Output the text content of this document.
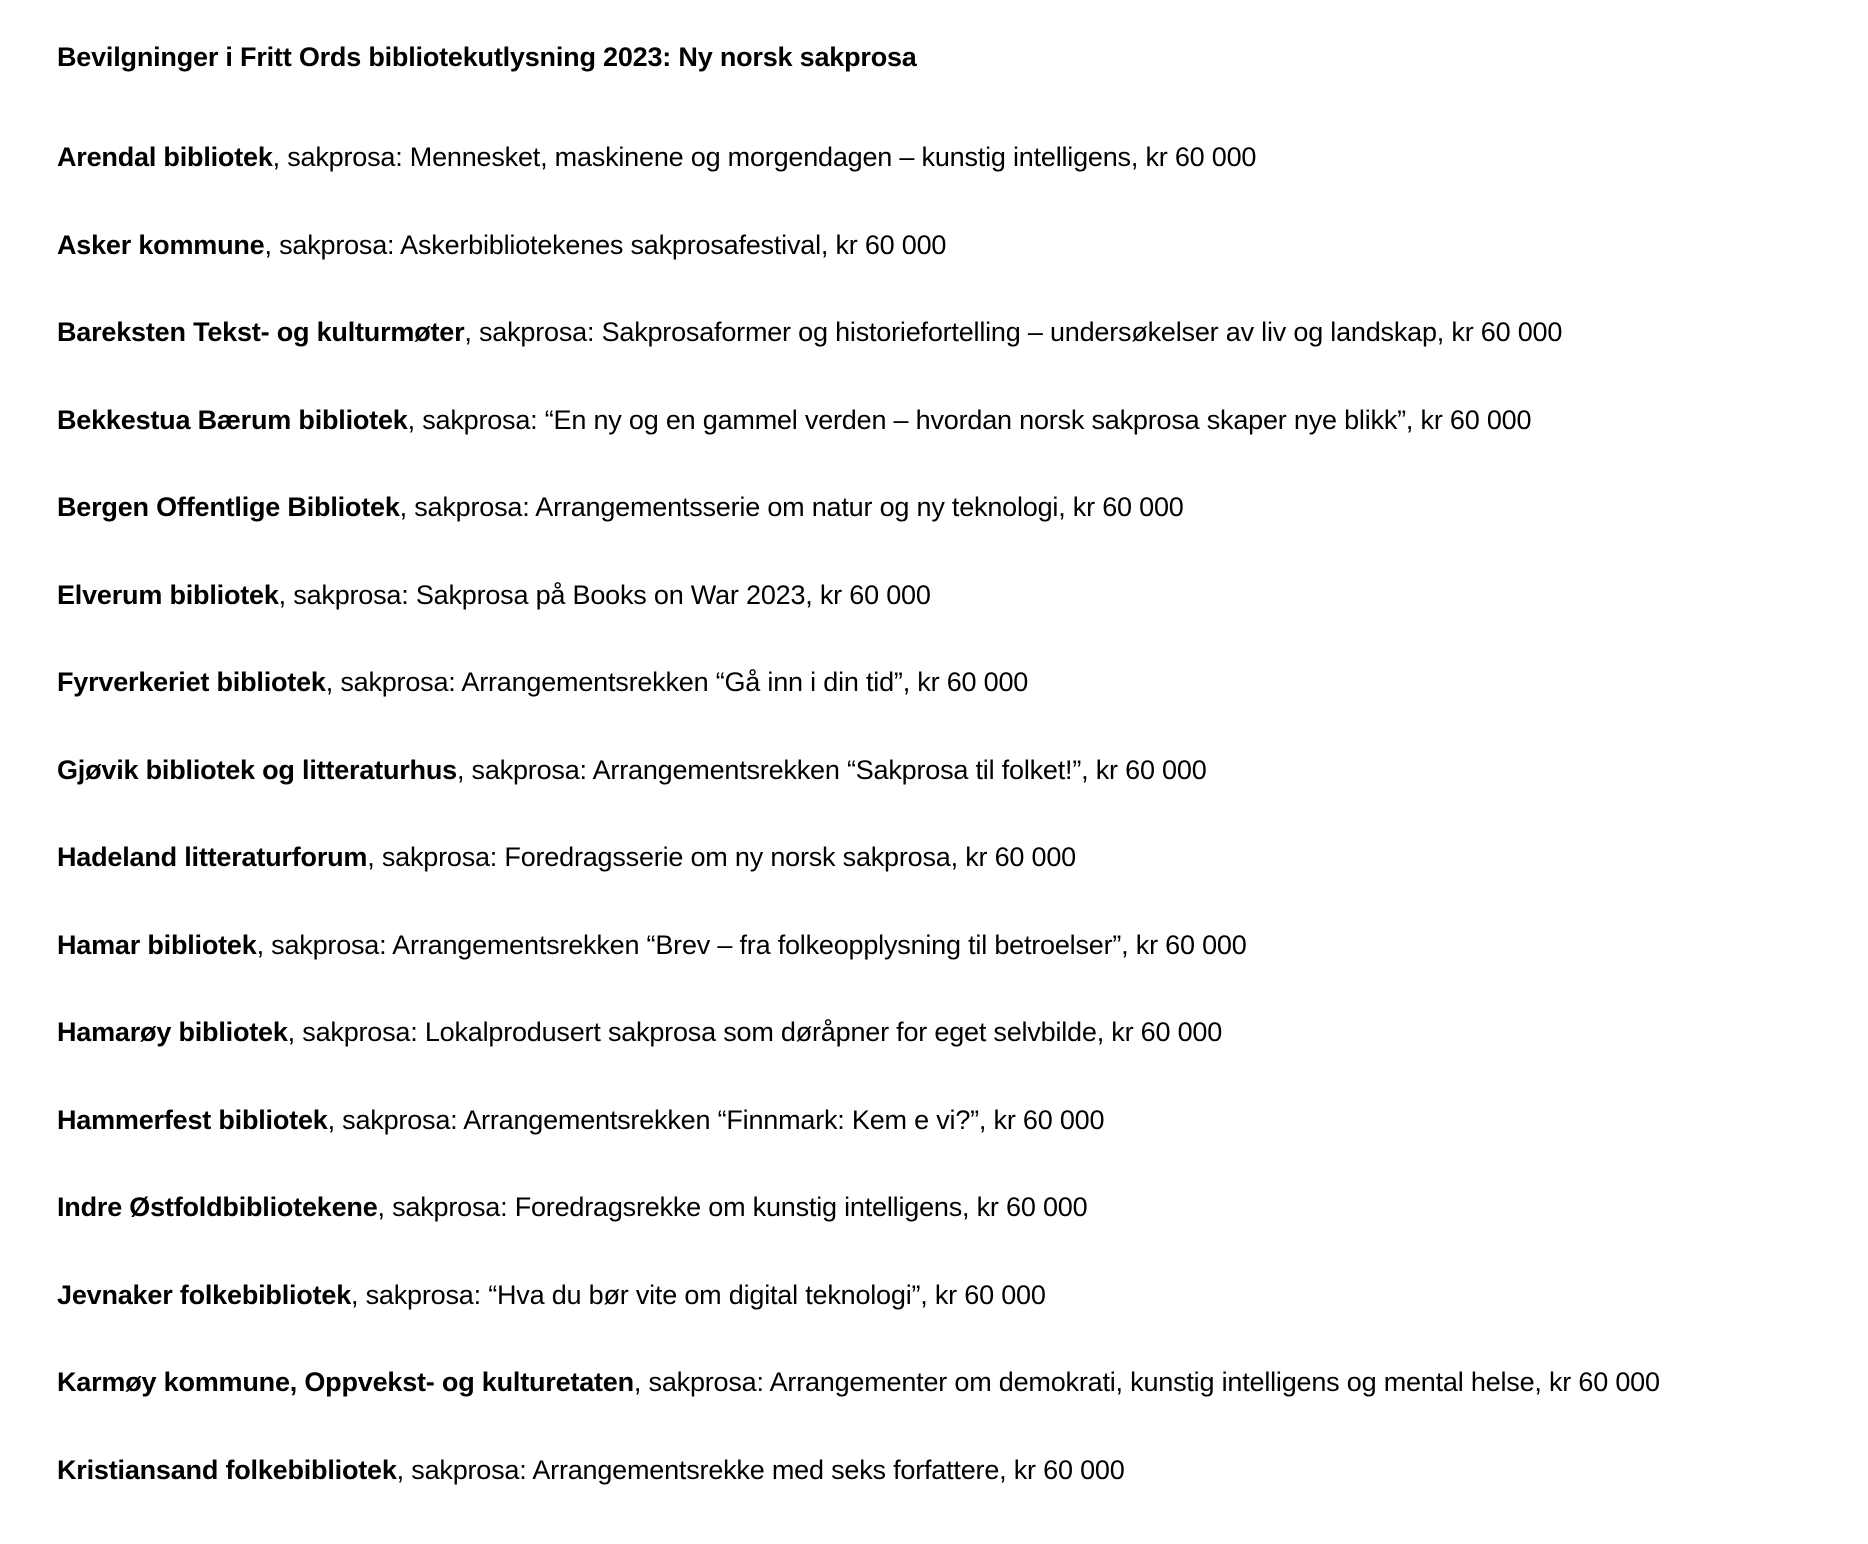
Bevilgninger i Fritt Ords bibliotekutlysning 2023: Ny norsk sakprosa
Arendal bibliotek, sakprosa: Mennesket, maskinene og morgendagen – kunstig intelligens, kr 60 000
Asker kommune, sakprosa: Askerbibliotekenes sakprosafestival, kr 60 000
Bareksten Tekst- og kulturmøter, sakprosa: Sakprosaformer og historiefortelling – undersøkelser av liv og landskap, kr 60 000
Bekkestua Bærum bibliotek, sakprosa: “En ny og en gammel verden – hvordan norsk sakprosa skaper nye blikk”, kr 60 000
Bergen Offentlige Bibliotek, sakprosa: Arrangementsserie om natur og ny teknologi, kr 60 000
Elverum bibliotek, sakprosa: Sakprosa på Books on War 2023, kr 60 000
Fyrverkeriet bibliotek, sakprosa: Arrangementsrekken “Gå inn i din tid”, kr 60 000
Gjøvik bibliotek og litteraturhus, sakprosa: Arrangementsrekken “Sakprosa til folket!”, kr 60 000
Hadeland litteraturforum, sakprosa: Foredragsserie om ny norsk sakprosa, kr 60 000
Hamar bibliotek, sakprosa: Arrangementsrekken “Brev – fra folkeopplysning til betroelser”, kr 60 000
Hamarøy bibliotek, sakprosa: Lokalprodusert sakprosa som døråpner for eget selvbilde, kr 60 000
Hammerfest bibliotek, sakprosa: Arrangementsrekken “Finnmark: Kem e vi?”, kr 60 000
Indre Østfoldbibliotekene, sakprosa: Foredragsrekke om kunstig intelligens, kr 60 000
Jevnaker folkebibliotek, sakprosa: “Hva du bør vite om digital teknologi”, kr 60 000
Karmøy kommune, Oppvekst- og kulturetaten, sakprosa: Arrangementer om demokrati, kunstig intelligens og mental helse, kr 60 000
Kristiansand folkebibliotek, sakprosa: Arrangementsrekke med seks forfattere, kr 60 000
